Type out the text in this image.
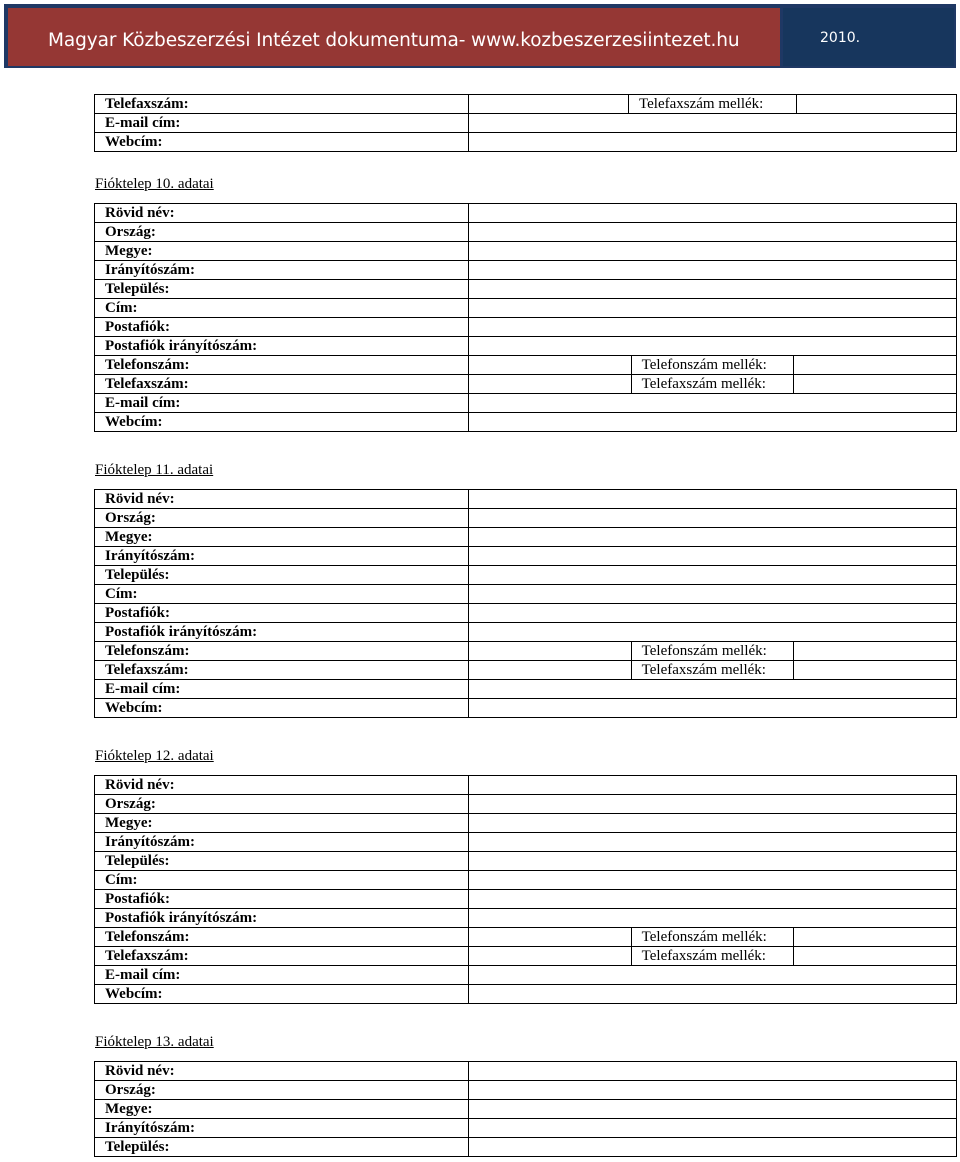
Magyar Közbeszerzési Intézet dokumentuma- www.kozbeszerzesiintezet.hu	2010.
Telefaxszám:		Telefaxszám mellék:	
E-mail cím:			
Webcím:			
Fióktelep 10. adatai
Rövid név:			
Ország:			
Megye:			
Irányítószám:			
Település:			
Cím:			
Postafiók:			
Postafiók irányítószám:			
Telefonszám:		Telefonszám mellék:	
Telefaxszám:		Telefaxszám mellék:	
E-mail cím:			
Webcím:			
Fióktelep 11. adatai
Rövid név:			
Ország:			
Megye:			
Irányítószám:			
Település:			
Cím:			
Postafiók:			
Postafiók irányítószám:			
Telefonszám:		Telefonszám mellék:	
Telefaxszám:		Telefaxszám mellék:	
E-mail cím:			
Webcím:			
Fióktelep 12. adatai
Rövid név:			
Ország:			
Megye:			
Irányítószám:			
Település:			
Cím:			
Postafiók:			
Postafiók irányítószám:			
Telefonszám:		Telefonszám mellék:	
Telefaxszám:		Telefaxszám mellék:	
E-mail cím:			
Webcím:			
Fióktelep 13. adatai
Rövid név:	
Ország:	
Megye:	
Irányítószám:	
Település:	
